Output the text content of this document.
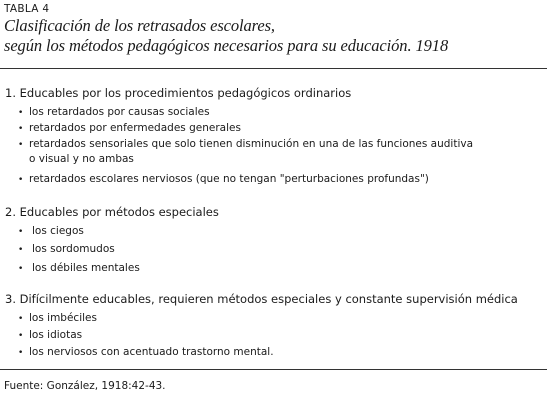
TABLA 4
Clasificación de los retrasados escolares,
según los métodos pedagógicos necesarios para su educación. 1918
1. Educables por los procedimientos pedagógicos ordinarios
• los retardados por causas sociales
• retardados por enfermedades generales
• retardados sensoriales que solo tienen disminución en una de las funciones auditiva
o visual y no ambas
• retardados escolares nerviosos (que no tengan "perturbaciones profundas")
2. Educables por métodos especiales
• los ciegos
• los sordomudos
• los débiles mentales
3. Difícilmente educables, requieren métodos especiales y constante supervisión médica
• los imbéciles
• los idiotas
• los nerviosos con acentuado trastorno mental.
Fuente: González, 1918:42-43.
